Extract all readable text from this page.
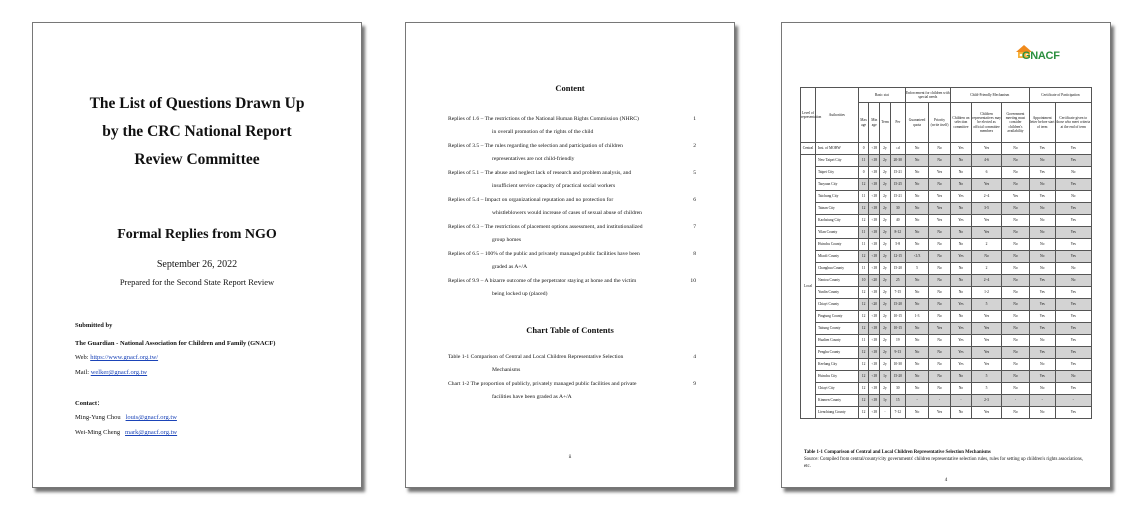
The List of Questions Drawn Up
by the CRC National Report
Review Committee
Formal Replies from NGO
September 26, 2022
Prepared for the Second State Report Review
Submitted by
The Guardian - National Association for Children and Family (GNACF)
Web: https://www.gnacf.org.tw/
Mail: welker@gnacf.org.tw
Contact：
Ming-Yung Chou louis@gnacf.org.tw
Wei-Ming Cheng mark@gnacf.org.tw
Content
Replies of 1.6 – The restrictions of the National Human Rights Commission (NHRC)
in overall promotion of the rights of the child
1
Replies of 3.5 – The rules regarding the selection and participation of children
representatives are not child-friendly
2
Replies of 5.1 – The abuse and neglect lack of research and problem analysis, and
insufficient service capacity of practical social workers
5
Replies of 5.4 – Impact on organizational reputation and no protection for
whistleblowers would increase of cases of sexual abuse of children
6
Replies of 6.3 – The restrictions of placement options assessment, and institutionalized
group homes
7
Replies of 6.5 – 100% of the public and privately managed public facilities have been
graded as A+/A
8
Replies of 9.9 – A bizarre outcome of the perpetrator staying at home and the victim
being locked up (placed)
10
Chart Table of Contents
Table 1-1 Comparison of Central and Local Children Representative Selection
Mechanisms
4
Chart 1-2 The proportion of publicly, privately managed public facilities and private
facilities have been graded as A+/A
9
ii
GNACF
Level of representation	Authorities	Basic stat				Enforcement for children with special needs		Child-Friendly Mechanism			Certificate of Participation	
		Max age	Min age	Term	Per	Guaranteed quota	Priority (write itself)	Children on selection committee	Children representatives may be elected as official committee members	Government meeting must consider children's availability	Appointment letter before start of term	Certificate given to those who meet criteria at the end of term
Central	Inst. of MOHW	0	<18	2y	≤d	No	No	Yes	Yes	No	Yes	Yes
Local	New Taipei City	11	<18	2y	20-30	No	No	No	4-6	No	No	Yes
	Taipei City	0	<18	2y	15-21	No	Yes	No	6	No	Yes	No
	Taoyuan City	12	<18	2y	15-25	No	No	No	Yes	No	No	Yes
	Taichung City	11	<18	2y	15-21	No	Yes	Yes	2~4	Yes	Yes	No
	Tainan City	12	<18	2y	30	No	Yes	No	3-5	No	No	Yes
	Kaohsiung City	12	<18	2y	40	No	Yes	Yes	Yes	No	No	Yes
	Yilan County	11	<18	2y	8-12	No	No	No	Yes	No	No	Yes
	Hsinchu County	11	<18	2y	5-8	No	No	No	2	No	No	Yes
	Miaoli County	12	<18	2y	12-15	<1/3	No	Yes	No	No	No	Yes
	Changhua County	11	<18	2y	15-20	5	No	No	2	No	No	No
	Nantou County	10	<20	2y	25	No	No	No	2~4	No	Yes	No
	Yunlin County	12	<18	2y	7-15	No	No	No	1-2	No	Yes	Yes
	Chiayi County	12	<20	2y	15-20	No	No	Yes	5	No	Yes	Yes
	Pingtung County	12	<18	2y	10-15	1-3	No	No	Yes	No	Yes	Yes
	Taitung County	12	<18	2y	10-15	No	Yes	Yes	Yes	No	Yes	Yes
	Hualien County	11	<18	2y	19	No	No	Yes	Yes	No	No	Yes
	Penghu County	12	<18	2y	9-13	No	No	Yes	Yes	No	Yes	Yes
	Keelung City	12	<18	2y	10-30	No	No	Yes	Yes	No	No	Yes
	Hsinchu City	12	<18	1y	15-20	No	No	No	5	No	Yes	No
	Chiayi City	12	<18	2y	30	No	No	No	5	No	No	Yes
	Kinmen County	12	<18	1y	15	-	-	-	2-3	-	-	-
	Lienchiang County	12	<18	-	7-12	No	Yes	No	Yes	No	No	Yes
Table 1-1 Comparison of Central and Local Children Representative Selection Mechanisms
Source: Compiled from central/county/city governments' children representative selection rules, rules for setting up children's rights associations, etc.
4
